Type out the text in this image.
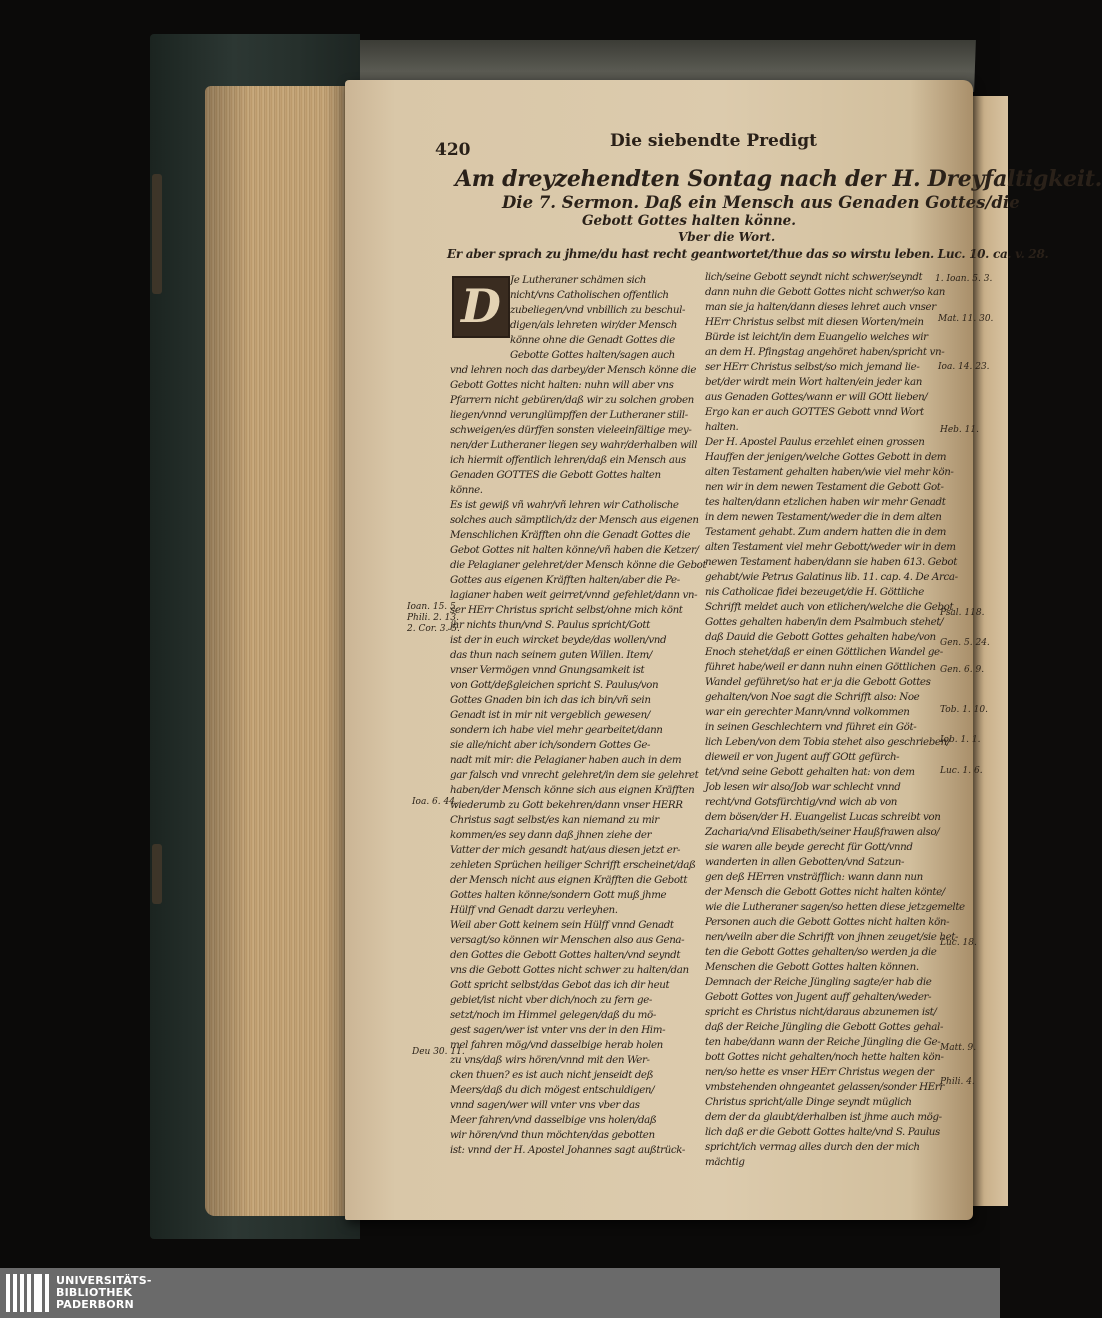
420	Die siebendte Predigt
Am dreyzehendten Sontag nach der H. Dreyfaltigkeit.
Die 7. Sermon. Daß ein Mensch aus Genaden Gottes/die
Gebott Gottes halten könne.
Vber die Wort.
Er aber sprach zu jhme/du hast recht geantwortet/thue das so wirstu leben. Luc. 10. ca. v. 28.
D Je Lutheraner schämen sich
nicht/vns Catholischen offentlich
zubeliegen/vnd vnbillich zu beschul-
digen/als lehreten wir/der Mensch
könne ohne die Genadt Gottes die
Gebotte Gottes halten/sagen auch
vnd lehren noch das darbey/der Mensch könne die
Gebott Gottes nicht halten: nuhn will aber vns
Pfarrern nicht gebüren/daß wir zu solchen groben
liegen/vnnd verunglümpffen der Lutheraner still-
schweigen/es dürffen sonsten vieleeinfältige mey-
nen/der Lutheraner liegen sey wahr/derhalben will
ich hiermit offentlich lehren/daß ein Mensch aus
Genaden GOTTES die Gebott Gottes halten
könne.
Es ist gewiß vñ wahr/vñ lehren wir Catholische
solches auch sämptlich/dz der Mensch aus eigenen
Menschlichen Kräfften ohn die Genadt Gottes die
Gebot Gottes nit halten könne/vñ haben die Ketzer/
die Pelagianer gelehret/der Mensch könne die Gebot
Gottes aus eigenen Kräfften halten/aber die Pe-
lagianer haben weit geirret/vnnd gefehlet/dann vn-
ser HErr Christus spricht selbst/ohne mich könt
jhr nichts thun/vnd S. Paulus spricht/Gott
ist der in euch wircket beyde/das wollen/vnd
das thun nach seinem guten Willen. Item/
vnser Vermögen vnnd Gnungsamkeit ist
von Gott/deßgleichen spricht S. Paulus/von
Gottes Gnaden bin ich das ich bin/vñ sein
Genadt ist in mir nit vergeblich gewesen/
sondern ich habe viel mehr gearbeitet/dann
sie alle/nicht aber ich/sondern Gottes Ge-
nadt mit mir: die Pelagianer haben auch in dem
gar falsch vnd vnrecht gelehret/in dem sie gelehret
haben/der Mensch könne sich aus eignen Kräfften
wiederumb zu Gott bekehren/dann vnser HERR
Christus sagt selbst/es kan niemand zu mir
kommen/es sey dann daß jhnen ziehe der
Vatter der mich gesandt hat/aus diesen jetzt er-
zehleten Sprüchen heiliger Schrifft erscheinet/daß
der Mensch nicht aus eignen Kräfften die Gebott
Gottes halten könne/sondern Gott muß jhme
Hülff vnd Genadt darzu verleyhen.
Weil aber Gott keinem sein Hülff vnnd Genadt
versagt/so können wir Menschen also aus Gena-
den Gottes die Gebott Gottes halten/vnd seyndt
vns die Gebott Gottes nicht schwer zu halten/dan
Gott spricht selbst/das Gebot das ich dir heut
gebiet/ist nicht vber dich/noch zu fern ge-
setzt/noch im Himmel gelegen/daß du mö-
gest sagen/wer ist vnter vns der in den Him-
mel fahren mög/vnd dasselbige herab holen
zu vns/daß wirs hören/vnnd mit den Wer-
cken thuen? es ist auch nicht jenseidt deß
Meers/daß du dich mögest entschuldigen/
vnnd sagen/wer will vnter vns vber das
Meer fahren/vnd dasselbige vns holen/daß
wir hören/vnd thun möchten/das gebotten
ist: vnnd der H. Apostel Johannes sagt außtrück-
lich/seine Gebott seyndt nicht schwer/seyndt
dann nuhn die Gebott Gottes nicht schwer/so kan
man sie ja halten/dann dieses lehret auch vnser
HErr Christus selbst mit diesen Worten/mein
Bürde ist leicht/in dem Euangelio welches wir
an dem H. Pfingstag angehöret haben/spricht vn-
ser HErr Christus selbst/so mich jemand lie-
bet/der wirdt mein Wort halten/ein jeder kan
aus Genaden Gottes/wann er will GOtt lieben/
Ergo kan er auch GOTTES Gebott vnnd Wort
halten.
Der H. Apostel Paulus erzehlet einen grossen
Hauffen der jenigen/welche Gottes Gebott in dem
alten Testament gehalten haben/wie viel mehr kön-
nen wir in dem newen Testament die Gebott Got-
tes halten/dann etzlichen haben wir mehr Genadt
in dem newen Testament/weder die in dem alten
Testament gehabt. Zum andern hatten die in dem
alten Testament viel mehr Gebott/weder wir in dem
newen Testament haben/dann sie haben 613. Gebot
gehabt/wie Petrus Galatinus lib. 11. cap. 4. De Arca-
nis Catholicae fidei bezeuget/die H. Göttliche
Schrifft meldet auch von etlichen/welche die Gebot
Gottes gehalten haben/in dem Psalmbuch stehet/
daß Dauid die Gebott Gottes gehalten habe/von
Enoch stehet/daß er einen Göttlichen Wandel ge-
führet habe/weil er dann nuhn einen Göttlichen
Wandel geführet/so hat er ja die Gebott Gottes
gehalten/von Noe sagt die Schrifft also: Noe
war ein gerechter Mann/vnnd volkommen
in seinen Geschlechtern vnd führet ein Göt-
lich Leben/von dem Tobia stehet also geschrieben/
dieweil er von Jugent auff GOtt gefürch-
tet/vnd seine Gebott gehalten hat: von dem
Job lesen wir also/Job war schlecht vnnd
recht/vnd Gotsfürchtig/vnd wich ab von
dem bösen/der H. Euangelist Lucas schreibt von
Zacharia/vnd Elisabeth/seiner Haußfrawen also/
sie waren alle beyde gerecht für Gott/vnnd
wanderten in allen Gebotten/vnd Satzun-
gen deß HErren vnsträfflich: wann dann nun
der Mensch die Gebott Gottes nicht halten könte/
wie die Lutheraner sagen/so hetten diese jetzgemelte
Personen auch die Gebott Gottes nicht halten kön-
nen/weiln aber die Schrifft von jhnen zeuget/sie het-
ten die Gebott Gottes gehalten/so werden ja die
Menschen die Gebott Gottes halten können.
Demnach der Reiche Jüngling sagte/er hab die
Gebott Gottes von Jugent auff gehalten/weder-
spricht es Christus nicht/daraus abzunemen ist/
daß der Reiche Jüngling die Gebott Gottes gehal-
ten habe/dann wann der Reiche Jüngling die Ge-
bott Gottes nicht gehalten/noch hette halten kön-
nen/so hette es vnser HErr Christus wegen der
vmbstehenden ohngeantet gelassen/sonder HErr
Christus spricht/alle Dinge seyndt müglich
dem der da glaubt/derhalben ist jhme auch mög-
lich daß er die Gebott Gottes halte/vnd S. Paulus
spricht/ich vermag alles durch den der mich
mächtig
Ioan. 15. 5.
Phili. 2. 13.
2. Cor. 3. 5.
Ioa. 6. 44.
Deu 30. 11.
1. Ioan. 5. 3.
Mat. 11. 30.
Ioa. 14. 23.
Heb. 11.
Psal. 118.
Gen. 5. 24.
Gen. 6. 9.
Tob. 1. 10.
Iob. 1. 1.
Luc. 1. 6.
Luc. 18.
Matt. 9.
Phili. 4.
UNIVERSITÄTS-
BIBLIOTHEK
PADERBORN
